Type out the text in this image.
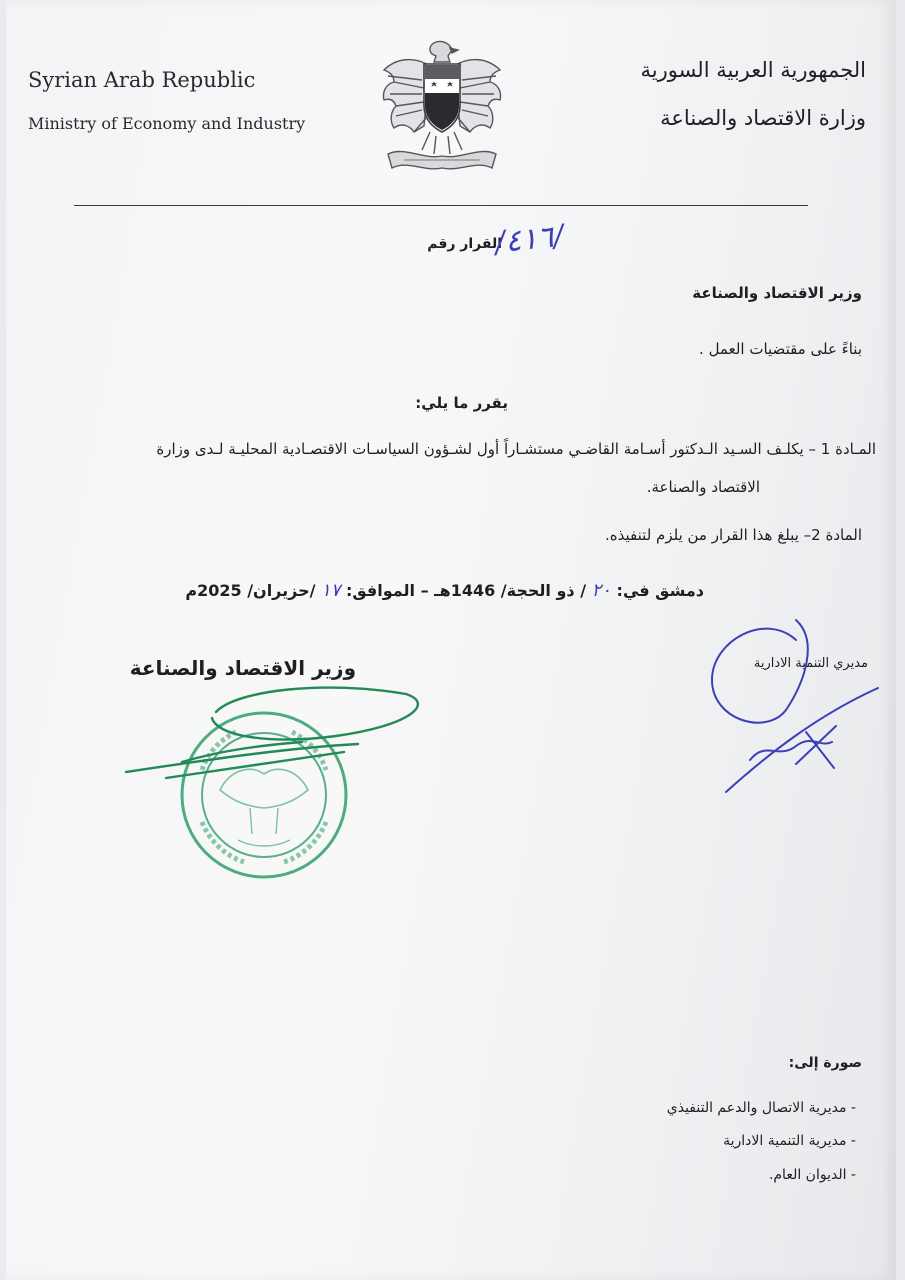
Syrian Arab Republic
Ministry of Economy and Industry
الجمهورية العربية السورية
وزارة الاقتصاد والصناعة
القرار رقم
/٤١٦/
وزير الاقتصاد والصناعة
بناءً على مقتضيات العمل .
يقرر ما يلي:
المـادة 1 – يكلـف السـيد الـدكتور أسـامة القاضـي مستشـاراً أول لشـؤون السياسـات الاقتصـادية المحليـة لـدى وزارة
الاقتصاد والصناعة.
المادة 2– يبلغ هذا القرار من يلزم لتنفيذه.
دمشق في: ٢٠ / ذو الحجة/ 1446هـ – الموافق: ١٧ /حزيران/ 2025م
وزير الاقتصاد والصناعة	مديري التنمية الادارية
صورة إلى:
- مديرية الاتصال والدعم التنفيذي
- مديرية التنمية الادارية
- الديوان العام.
